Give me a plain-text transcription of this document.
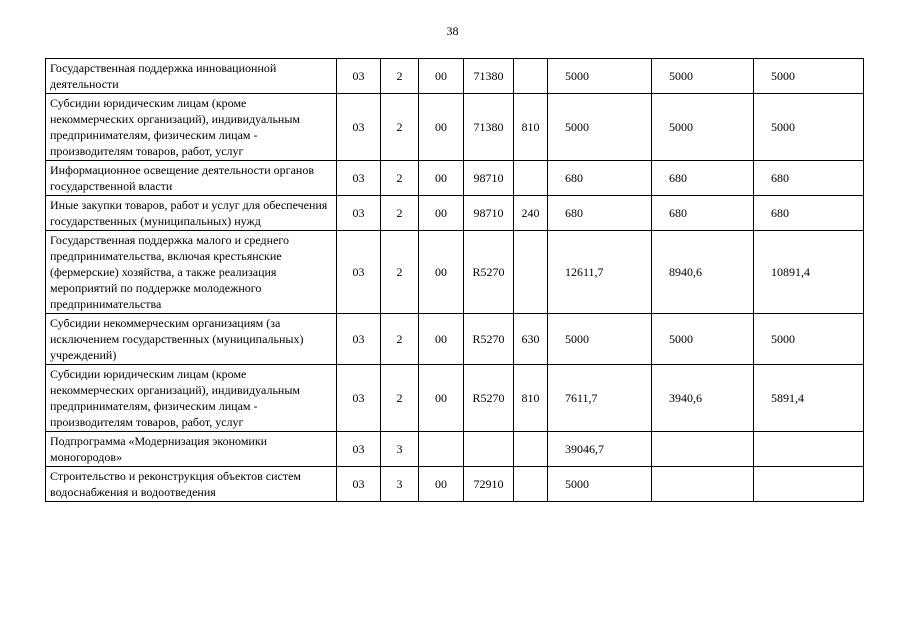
38
Государственная поддержка инновационной деятельности	03	2	00	71380		5000	5000	5000
Субсидии юридическим лицам (кроме некоммерческих организаций), индивидуальным предпринимателям, физическим лицам - производителям товаров, работ, услуг	03	2	00	71380	810	5000	5000	5000
Информационное освещение деятельности органов государственной власти	03	2	00	98710		680	680	680
Иные закупки товаров, работ и услуг для обеспечения государственных (муниципальных) нужд	03	2	00	98710	240	680	680	680
Государственная поддержка малого и среднего предпринимательства, включая крестьянские (фермерские) хозяйства, а также реализация мероприятий по поддержке молодежного предпринимательства	03	2	00	R5270		12611,7	8940,6	10891,4
Субсидии некоммерческим организациям (за исключением государственных (муниципальных) учреждений)	03	2	00	R5270	630	5000	5000	5000
Субсидии юридическим лицам (кроме некоммерческих организаций), индивидуальным предпринимателям, физическим лицам - производителям товаров, работ, услуг	03	2	00	R5270	810	7611,7	3940,6	5891,4
Подпрограмма «Модернизация экономики моногородов»	03	3				39046,7		
Строительство и реконструкция объектов систем водоснабжения и водоотведения	03	3	00	72910		5000		
